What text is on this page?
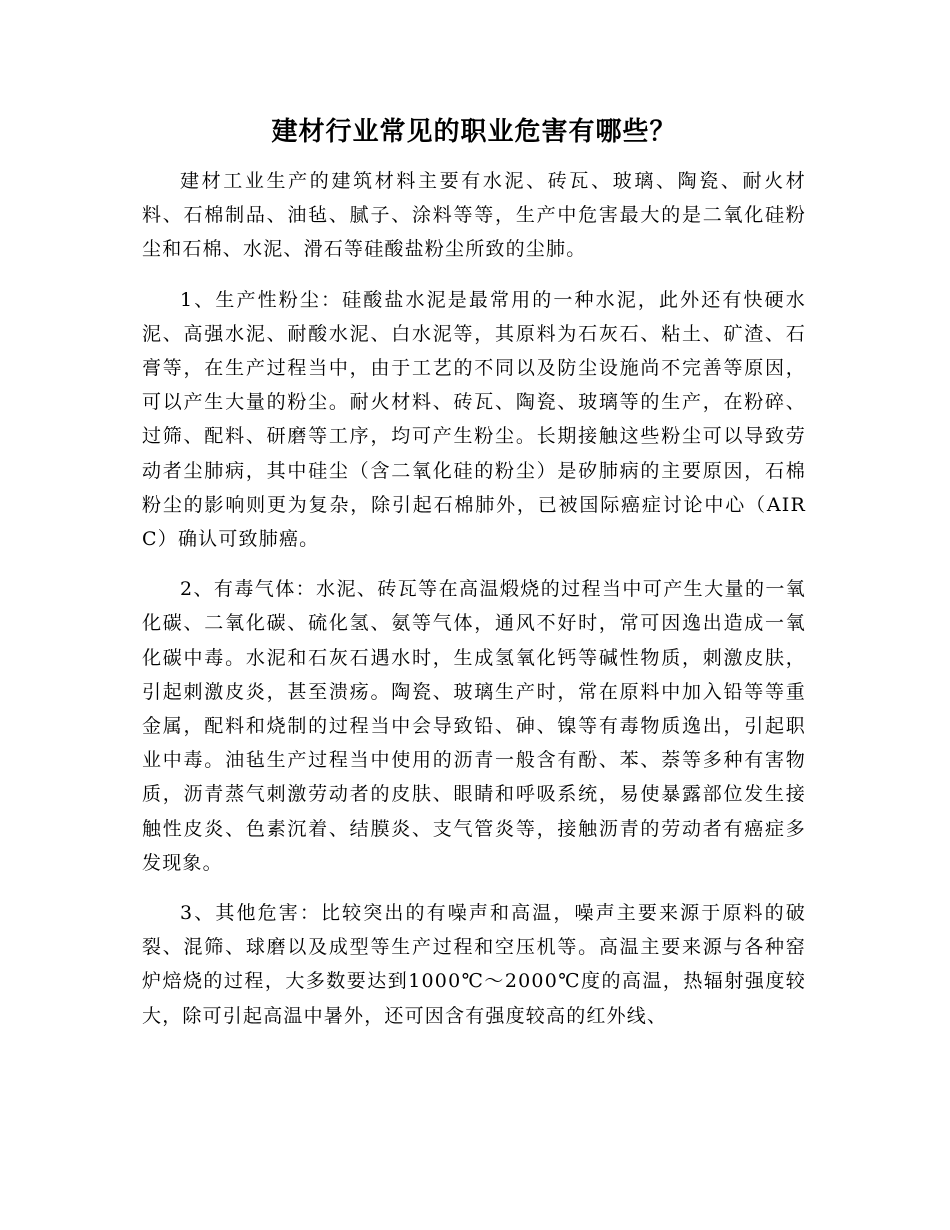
建材行业常见的职业危害有哪些？

建材工业生产的建筑材料主要有水泥、砖瓦、玻璃、陶瓷、耐火材料、石棉制品、油毡、腻子、涂料等等，生产中危害最大的是二氧化硅粉尘和石棉、水泥、滑石等硅酸盐粉尘所致的尘肺。

1、生产性粉尘：硅酸盐水泥是最常用的一种水泥，此外还有快硬水泥、高强水泥、耐酸水泥、白水泥等，其原料为石灰石、粘土、矿渣、石膏等，在生产过程当中，由于工艺的不同以及防尘设施尚不完善等原因，可以产生大量的粉尘。耐火材料、砖瓦、陶瓷、玻璃等的生产，在粉碎、过筛、配料、研磨等工序，均可产生粉尘。长期接触这些粉尘可以导致劳动者尘肺病，其中硅尘（含二氧化硅的粉尘）是矽肺病的主要原因，石棉粉尘的影响则更为复杂，除引起石棉肺外，已被国际癌症讨论中心（AIRC）确认可致肺癌。

2、有毒气体：水泥、砖瓦等在高温煅烧的过程当中可产生大量的一氧化碳、二氧化碳、硫化氢、氨等气体，通风不好时，常可因逸出造成一氧化碳中毒。水泥和石灰石遇水时，生成氢氧化钙等碱性物质，刺激皮肤，引起刺激皮炎，甚至溃疡。陶瓷、玻璃生产时，常在原料中加入铅等等重金属，配料和烧制的过程当中会导致铅、砷、镍等有毒物质逸出，引起职业中毒。油毡生产过程当中使用的沥青一般含有酚、苯、萘等多种有害物质，沥青蒸气刺激劳动者的皮肤、眼睛和呼吸系统，易使暴露部位发生接触性皮炎、色素沉着、结膜炎、支气管炎等，接触沥青的劳动者有癌症多发现象。

3、其他危害：比较突出的有噪声和高温，噪声主要来源于原料的破裂、混筛、球磨以及成型等生产过程和空压机等。高温主要来源与各种窑炉焙烧的过程，大多数要达到1000℃～2000℃度的高温，热辐射强度较大，除可引起高温中暑外，还可因含有强度较高的红外线、
